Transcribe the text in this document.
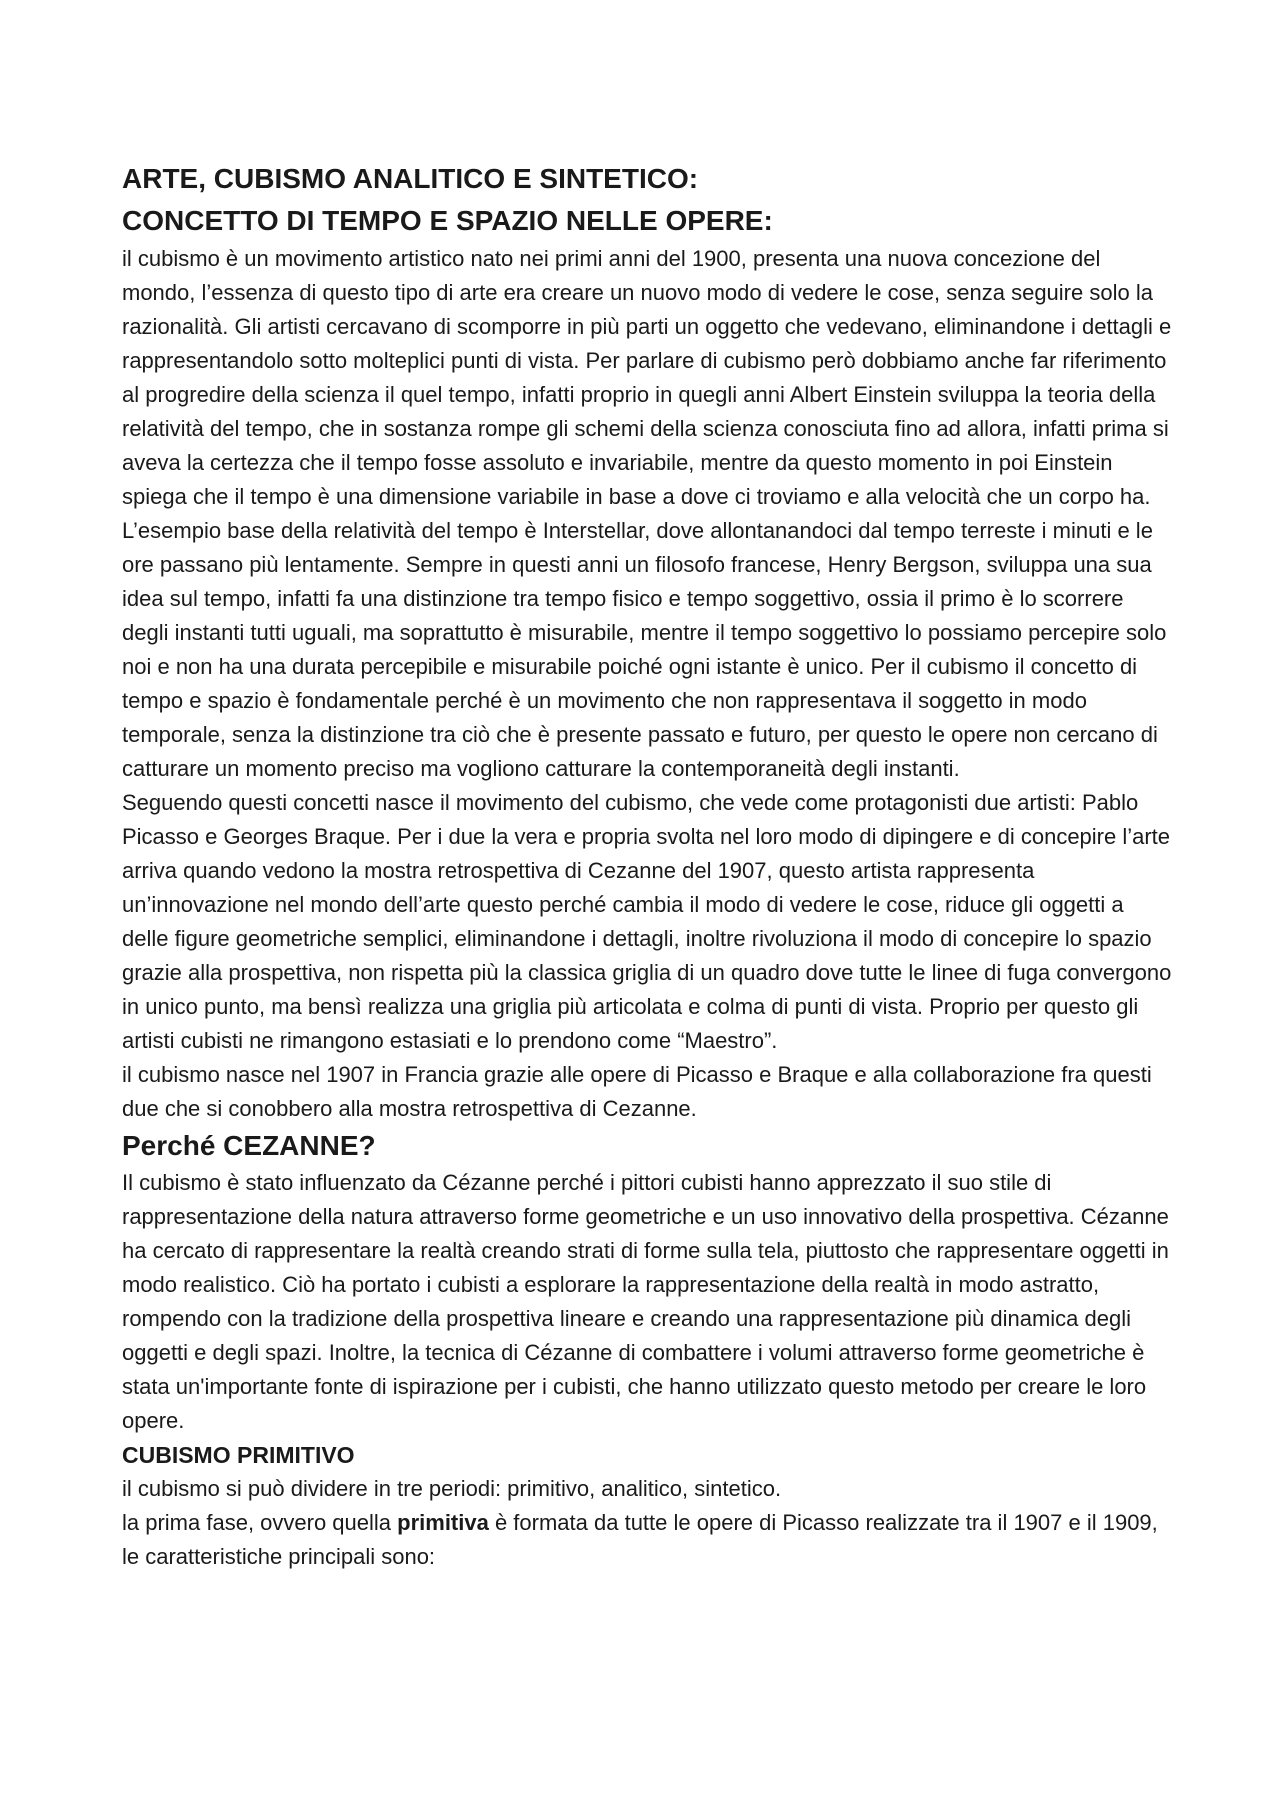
ARTE, CUBISMO ANALITICO E SINTETICO:
CONCETTO DI TEMPO E SPAZIO NELLE OPERE:

il cubismo è un movimento artistico nato nei primi anni del 1900, presenta una nuova concezione del mondo, l’essenza di questo tipo di arte era creare un nuovo modo di vedere le cose, senza seguire solo la razionalità. Gli artisti cercavano di scomporre in più parti un oggetto che vedevano, eliminandone i dettagli e rappresentandolo sotto molteplici punti di vista. Per parlare di cubismo però dobbiamo anche far riferimento al progredire della scienza il quel tempo, infatti proprio in quegli anni Albert Einstein sviluppa la teoria della relatività del tempo, che in sostanza rompe gli schemi della scienza conosciuta fino ad allora, infatti prima si aveva la certezza che il tempo fosse assoluto e invariabile, mentre da questo momento in poi Einstein spiega che il tempo è una dimensione variabile in base a dove ci troviamo e alla velocità che un corpo ha. L’esempio base della relatività del tempo è Interstellar, dove allontanandoci dal tempo terreste i minuti e le ore passano più lentamente. Sempre in questi anni un filosofo francese, Henry Bergson, sviluppa una sua idea sul tempo, infatti fa una distinzione tra tempo fisico e tempo soggettivo, ossia il primo è lo scorrere degli instanti tutti uguali, ma soprattutto è misurabile, mentre il tempo soggettivo lo possiamo percepire solo noi e non ha una durata percepibile e misurabile poiché ogni istante è unico. Per il cubismo il concetto di tempo e spazio è fondamentale perché è un movimento che non rappresentava il soggetto in modo temporale, senza la distinzione tra ciò che è presente passato e futuro, per questo le opere non cercano di catturare un momento preciso ma vogliono catturare la contemporaneità degli instanti.

Seguendo questi concetti nasce il movimento del cubismo, che vede come protagonisti due artisti: Pablo Picasso e Georges Braque. Per i due la vera e propria svolta nel loro modo di dipingere e di concepire l’arte arriva quando vedono la mostra retrospettiva di Cezanne del 1907, questo artista rappresenta un’innovazione nel mondo dell’arte questo perché cambia il modo di vedere le cose, riduce gli oggetti a delle figure geometriche semplici, eliminandone i dettagli, inoltre rivoluziona il modo di concepire lo spazio grazie alla prospettiva, non rispetta più la classica griglia di un quadro dove tutte le linee di fuga convergono in unico punto, ma bensì realizza una griglia più articolata e colma di punti di vista. Proprio per questo gli artisti cubisti ne rimangono estasiati e lo prendono come “Maestro”.

il cubismo nasce nel 1907 in Francia grazie alle opere di Picasso e Braque e alla collaborazione fra questi due che si conobbero alla mostra retrospettiva di Cezanne.

Perché CEZANNE?

Il cubismo è stato influenzato da Cézanne perché i pittori cubisti hanno apprezzato il suo stile di rappresentazione della natura attraverso forme geometriche e un uso innovativo della prospettiva. Cézanne ha cercato di rappresentare la realtà creando strati di forme sulla tela, piuttosto che rappresentare oggetti in modo realistico. Ciò ha portato i cubisti a esplorare la rappresentazione della realtà in modo astratto, rompendo con la tradizione della prospettiva lineare e creando una rappresentazione più dinamica degli oggetti e degli spazi. Inoltre, la tecnica di Cézanne di combattere i volumi attraverso forme geometriche è stata un'importante fonte di ispirazione per i cubisti, che hanno utilizzato questo metodo per creare le loro opere.

CUBISMO PRIMITIVO

il cubismo si può dividere in tre periodi: primitivo, analitico, sintetico.

la prima fase, ovvero quella primitiva è formata da tutte le opere di Picasso realizzate tra il 1907 e il 1909, le caratteristiche principali sono:
